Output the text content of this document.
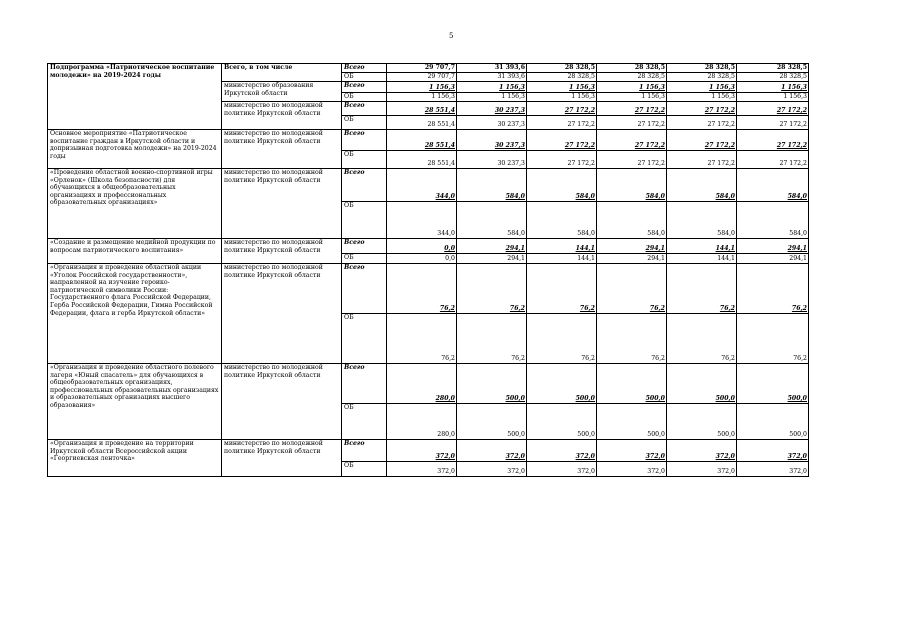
5
Подпрограмма «Патриотическое воспитание молодежи» на 2019-2024 годы	Всего, в том числе	Всего	29 707,7	31 393,6	28 328,5	28 328,5	28 328,5	28 328,5
		ОБ	29 707,7	31 393,6	28 328,5	28 328,5	28 328,5	28 328,5
	министерство образования Иркутской области	Всего	1 156,3	1 156,3	1 156,3	1 156,3	1 156,3	1 156,3
		ОБ	1 156,3	1 156,3	1 156,3	1 156,3	1 156,3	1 156,3
	министерство по молодежной политике Иркутской области	Всего	28 551,4	30 237,3	27 172,2	27 172,2	27 172,2	27 172,2
		ОБ	28 551,4	30 237,3	27 172,2	27 172,2	27 172,2	27 172,2
Основное мероприятие «Патриотическое воспитание граждан в Иркутской области и допризывная подготовка молодежи» на 2019-2024 годы	министерство по молодежной политике Иркутской области	Всего	28 551,4	30 237,3	27 172,2	27 172,2	27 172,2	27 172,2
		ОБ	28 551,4	30 237,3	27 172,2	27 172,2	27 172,2	27 172,2
«Проведение областной военно-спортивной игры «Орленок» (Школа безопасности) для обучающихся в общеобразовательных организациях и профессиональных образовательных организациях»	министерство по молодежной политике Иркутской области	Всего	344,0	584,0	584,0	584,0	584,0	584,0
		ОБ	344,0	584,0	584,0	584,0	584,0	584,0
«Создание и размещение медийной продукции по вопросам патриотического воспитания»	министерство по молодежной политике Иркутской области	Всего	0,0	294,1	144,1	294,1	144,1	294,1
		ОБ	0,0	294,1	144,1	294,1	144,1	294,1
«Организация и проведение областной акции «Уголок Российской государственности», направленной на изучение героико-патриотической символики России: Государственного флага Российской Федерации, Герба Российской Федерации, Гимна Российской Федерации, флага и герба Иркутской области»	министерство по молодежной политике Иркутской области	Всего	76,2	76,2	76,2	76,2	76,2	76,2
		ОБ	76,2	76,2	76,2	76,2	76,2	76,2
«Организация и проведение областного полевого лагеря «Юный спасатель» для обучающихся в общеобразовательных организациях, профессиональных образовательных организациях и образовательных организациях высшего образования»	министерство по молодежной политике Иркутской области	Всего	280,0	500,0	500,0	500,0	500,0	500,0
		ОБ	280,0	500,0	500,0	500,0	500,0	500,0
«Организация и проведение на территории Иркутской области Всероссийской акции «Георгиевская ленточка»	министерство по молодежной политике Иркутской области	Всего	372,0	372,0	372,0	372,0	372,0	372,0
		ОБ	372,0	372,0	372,0	372,0	372,0	372,0
